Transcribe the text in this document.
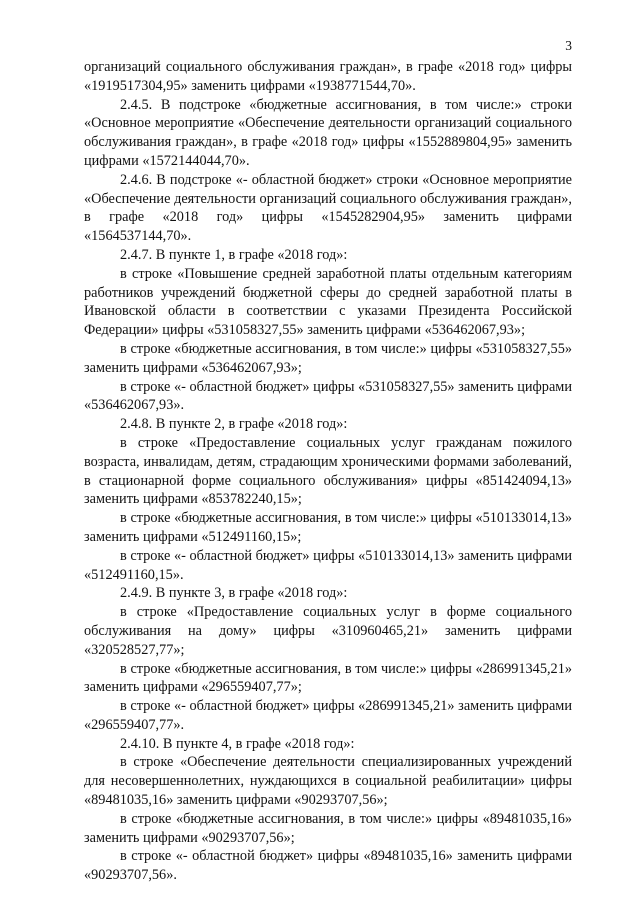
3

организаций социального обслуживания граждан», в графе «2018 год» цифры «1919517304,95» заменить цифрами «1938771544,70».

2.4.5. В подстроке «бюджетные ассигнования, в том числе:» строки «Основное мероприятие «Обеспечение деятельности организаций социального обслуживания граждан», в графе «2018 год» цифры «1552889804,95» заменить цифрами «1572144044,70».

2.4.6. В подстроке «- областной бюджет» строки «Основное мероприятие «Обеспечение деятельности организаций социального обслуживания граждан», в графе «2018 год» цифры «1545282904,95» заменить цифрами «1564537144,70».

2.4.7. В пункте 1, в графе «2018 год»:

в строке «Повышение средней заработной платы отдельным категориям работников учреждений бюджетной сферы до средней заработной платы в Ивановской области в соответствии с указами Президента Российской Федерации» цифры «531058327,55» заменить цифрами «536462067,93»;

в строке «бюджетные ассигнования, в том числе:» цифры «531058327,55» заменить цифрами «536462067,93»;

в строке «- областной бюджет» цифры «531058327,55» заменить цифрами «536462067,93».

2.4.8. В пункте 2, в графе «2018 год»:

в строке «Предоставление социальных услуг гражданам пожилого возраста, инвалидам, детям, страдающим хроническими формами заболеваний, в стационарной форме социального обслуживания» цифры «851424094,13» заменить цифрами «853782240,15»;

в строке «бюджетные ассигнования, в том числе:» цифры «510133014,13» заменить цифрами «512491160,15»;

в строке «- областной бюджет» цифры «510133014,13» заменить цифрами «512491160,15».

2.4.9. В пункте 3, в графе «2018 год»:

в строке «Предоставление социальных услуг в форме социального обслуживания на дому» цифры «310960465,21» заменить цифрами «320528527,77»;

в строке «бюджетные ассигнования, в том числе:» цифры «286991345,21» заменить цифрами «296559407,77»;

в строке «- областной бюджет» цифры «286991345,21» заменить цифрами «296559407,77».

2.4.10. В пункте 4, в графе «2018 год»:

в строке «Обеспечение деятельности специализированных учреждений для несовершеннолетних, нуждающихся в социальной реабилитации» цифры «89481035,16» заменить цифрами «90293707,56»;

в строке «бюджетные ассигнования, в том числе:» цифры «89481035,16» заменить цифрами «90293707,56»;

в строке «- областной бюджет» цифры «89481035,16» заменить цифрами «90293707,56».
